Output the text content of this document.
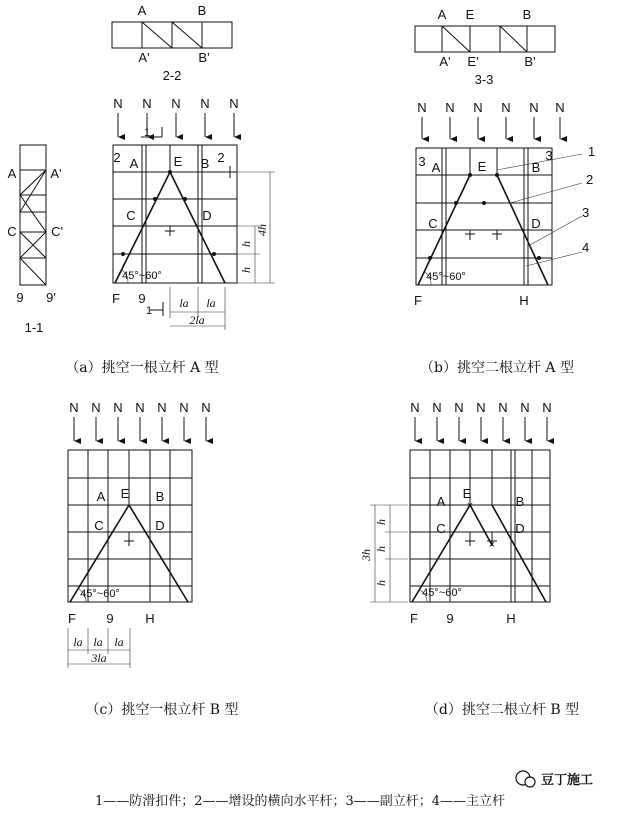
A	B
A'	B'
2-2
A E	B
A' E'	B'
3-3
A	A'
C	C'
9 9'
1-1
N N N N N
1
2	2
A	E B
C	D
45°~60°
F 9
1
h
h
4h
la la
2la
（a）挑空一根立杆 A 型
N N N N N N
3	3	1
2
3
4
A	E	B
C	D
45°~60°
F	H
（b）挑空二根立杆 A 型
N N N N N N N
A E B
C	D
45°~60°
F 9 H
la la la
3la
（c）挑空一根立杆 B 型
N N N N N N N
×
×
A
E
B
C	D
45°~60°
F 9	H
h
h
h
3h
（d）挑空二根立杆 B 型
1——防滑扣件；2——增设的横向水平杆；3——副立杆；4——主立杆
豆丁施工
